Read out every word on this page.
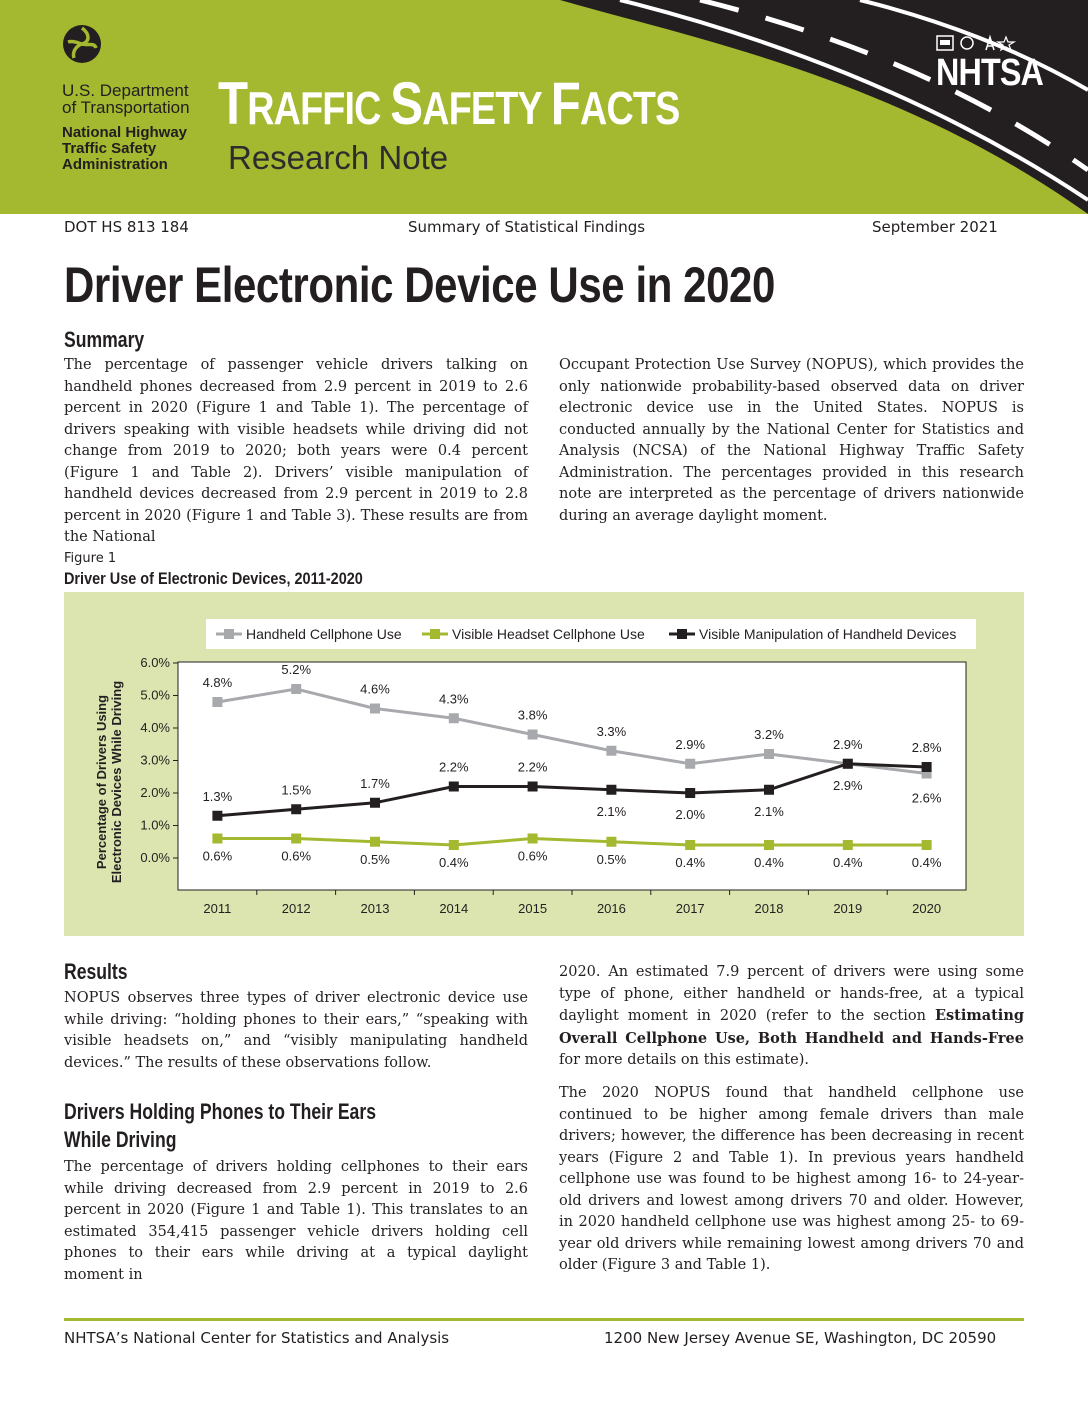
U.S. Department
of Transportation
National Highway
Traffic Safety
Administration
TRAFFIC SAFETY FACTS
Research Note
NHTSA
DOT HS 813 184	Summary of Statistical Findings	September 2021
Driver Electronic Device Use in 2020
Summary
The percentage of passenger vehicle drivers talking on handheld phones decreased from 2.9 percent in 2019 to 2.6 percent in 2020 (Figure 1 and Table 1). The percentage of drivers speaking with visible headsets while driving did not change from 2019 to 2020; both years were 0.4 percent (Figure 1 and Table 2). Drivers’ visible manipulation of handheld devices decreased from 2.9 percent in 2019 to 2.8 percent in 2020 (Figure 1 and Table 3). These results are from the National
Occupant Protection Use Survey (NOPUS), which provides the only nationwide probability-based observed data on driver electronic device use in the United States. NOPUS is conducted annually by the National Center for Statistics and Analysis (NCSA) of the National Highway Traffic Safety Administration. The percentages provided in this research note are interpreted as the percentage of drivers nationwide during an average daylight moment.
Figure 1
Driver Use of Electronic Devices, 2011-2020
Handheld Cellphone Use	Visible Headset Cellphone Use	Visible Manipulation of Handheld Devices
0.0%
1.0%
2.0%
3.0%
4.0%
5.0%
6.0%
2011	2012	2013	2014	2015	2016	2017	2018	2019	2020
Percentage of Drivers Using Electronic Devices While Driving	4.8%
5.2%
4.6%
4.3%
3.8%
3.3%
2.9%
3.2%
2.9%
2.6%
0.6%	0.6%	0.5%	0.4%	0.6%	0.5%	0.4%	0.4%	0.4%	0.4%
1.3%	1.5%	1.7%
2.2%	2.2%
2.1%	2.0%	2.1%
2.9%
2.8%
Results
NOPUS observes three types of driver electronic device use while driving: “holding phones to their ears,” “speaking with visible headsets on,” and “visibly manipulating handheld devices.” The results of these observations follow.
Drivers Holding Phones to Their Ears
While Driving
The percentage of drivers holding cellphones to their ears while driving decreased from 2.9 percent in 2019 to 2.6 percent in 2020 (Figure 1 and Table 1). This translates to an estimated 354,415 passenger vehicle drivers holding cell phones to their ears while driving at a typical daylight moment in
2020. An estimated 7.9 percent of drivers were using some type of phone, either handheld or hands-free, at a typical daylight moment in 2020 (refer to the section Estimating Overall Cellphone Use, Both Handheld and Hands-Free for more details on this estimate).
The 2020 NOPUS found that handheld cellphone use continued to be higher among female drivers than male drivers; however, the difference has been decreasing in recent years (Figure 2 and Table 1). In previous years handheld cellphone use was found to be highest among 16- to 24-year-old drivers and lowest among drivers 70 and older. However, in 2020 handheld cellphone use was highest among 25- to 69-year old drivers while remaining lowest among drivers 70 and older (Figure 3 and Table 1).
NHTSA’s National Center for Statistics and Analysis	1200 New Jersey Avenue SE, Washington, DC 20590
